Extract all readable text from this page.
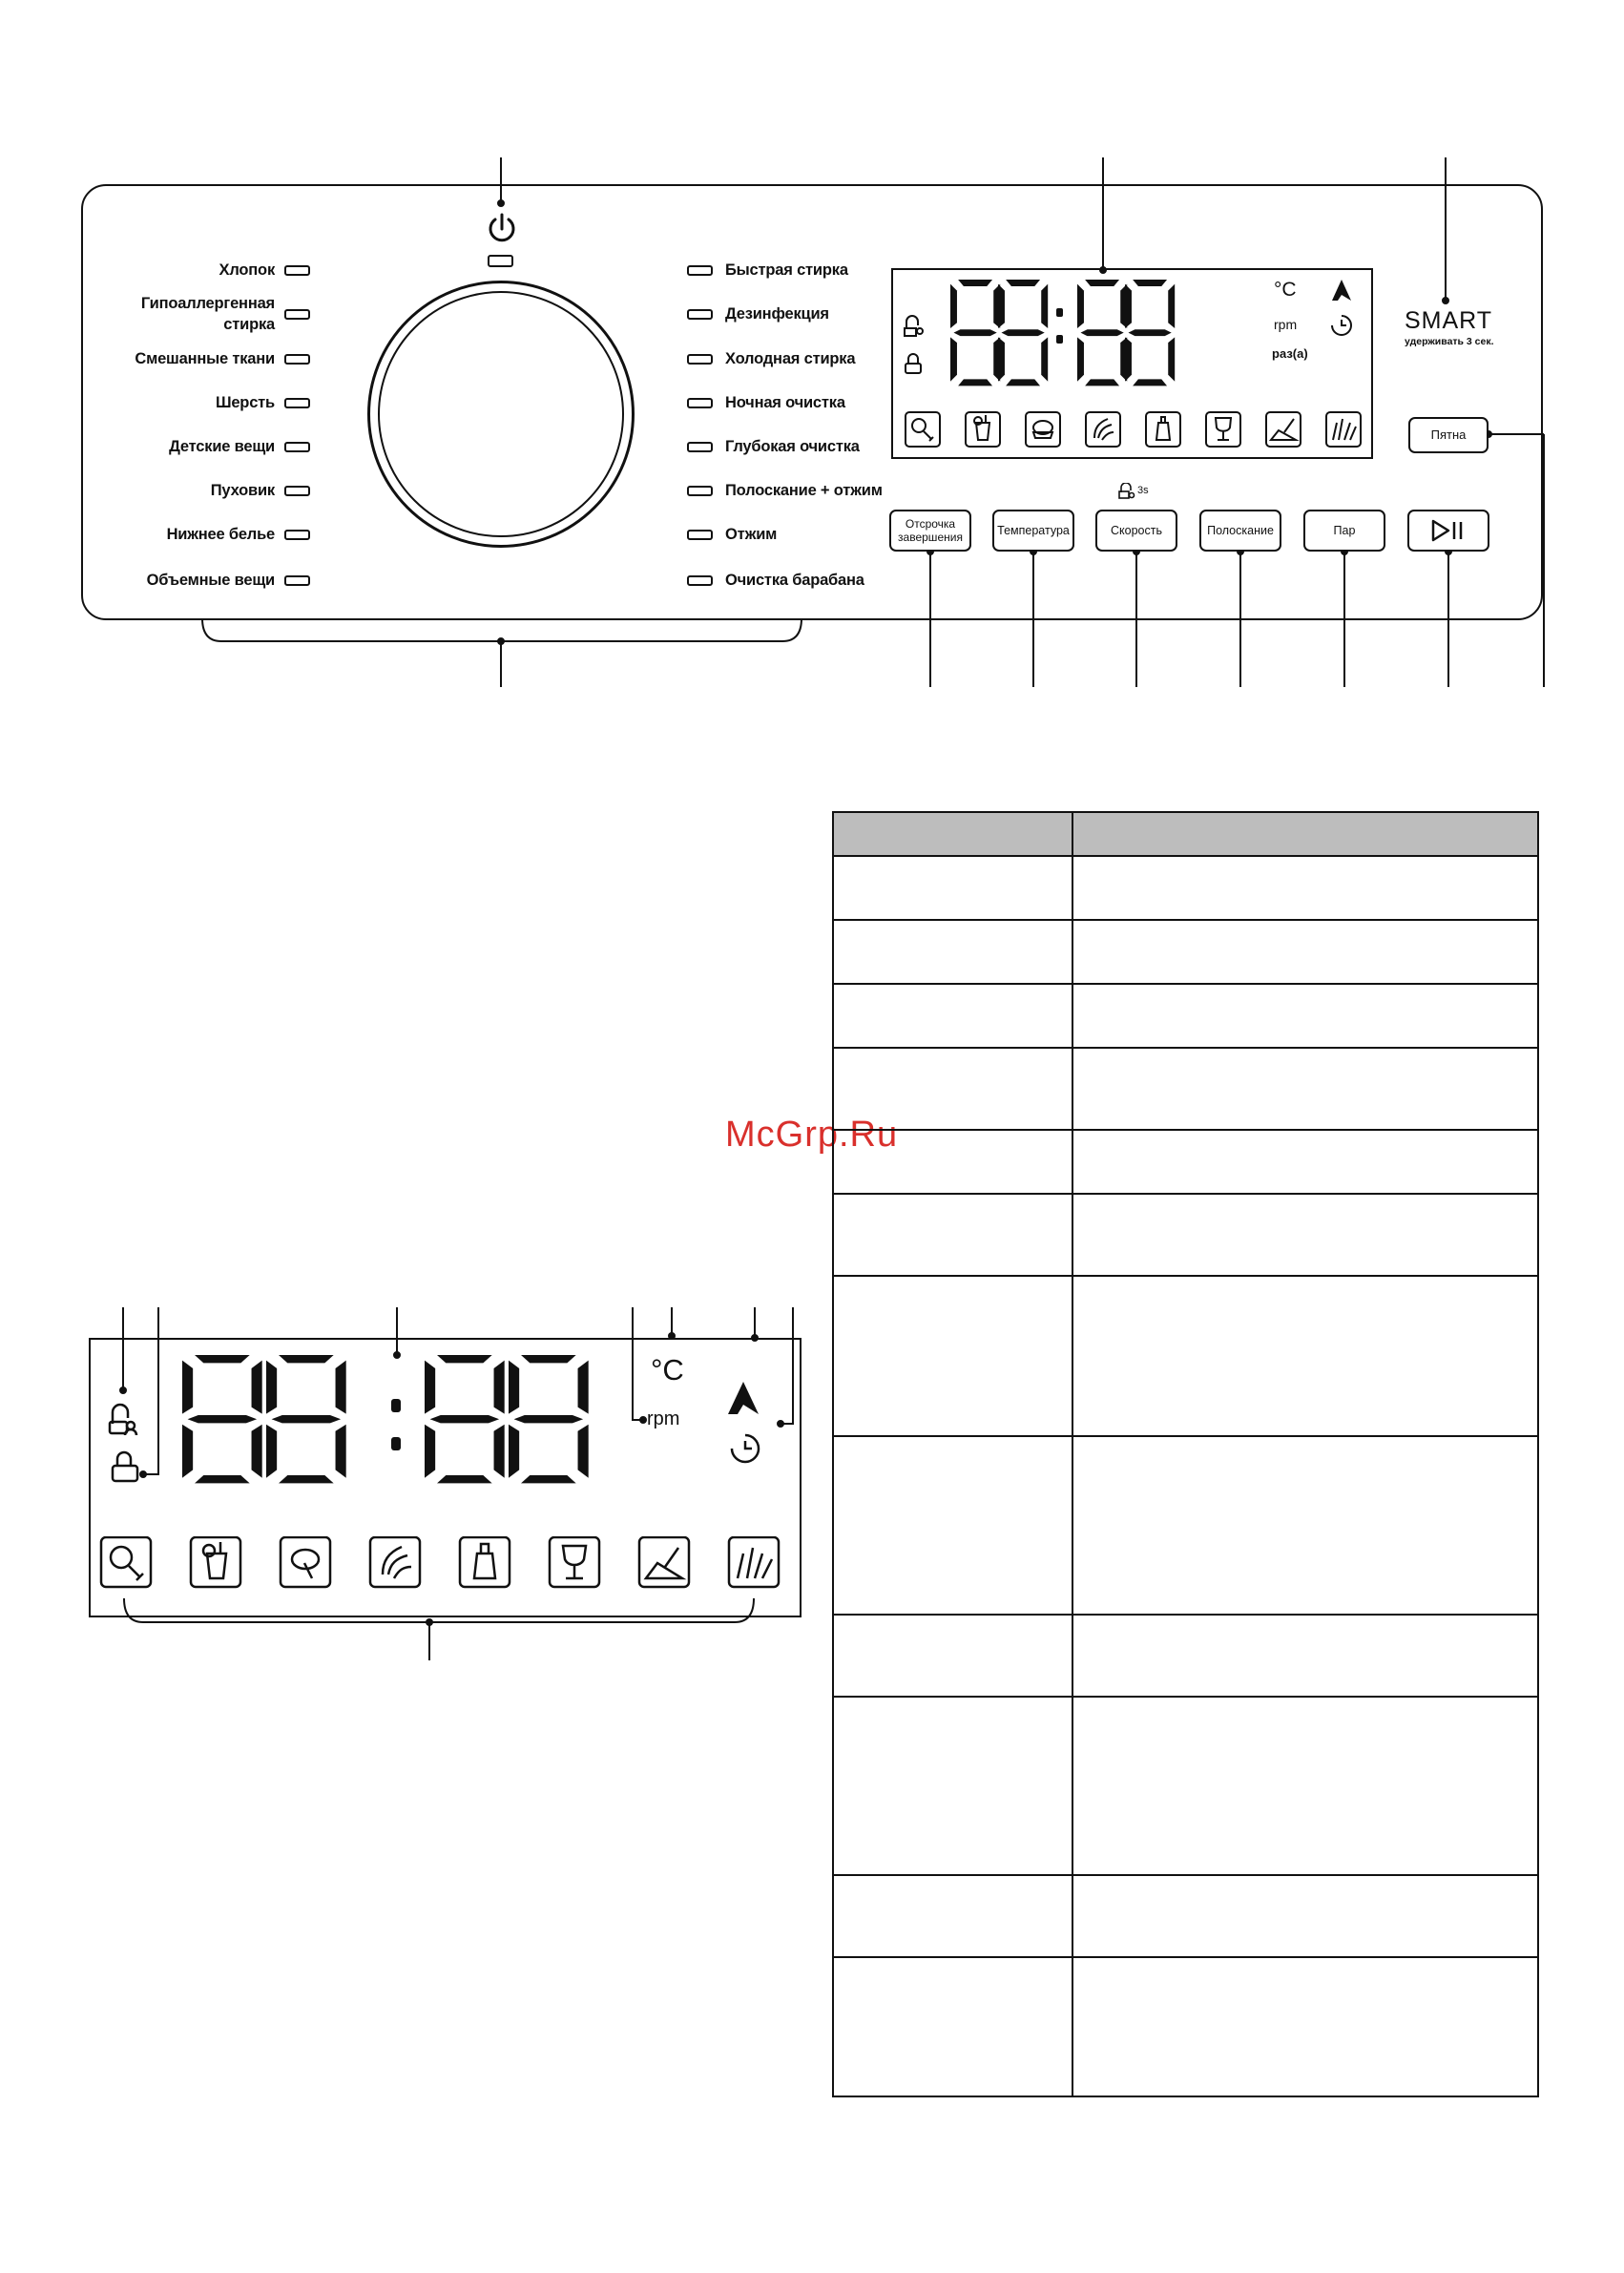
Хлопок
Гипоаллергенная стирка
Смешанные ткани
Шерсть
Детские вещи
Пуховик
Нижнее белье
Объемные вещи
Быстрая стирка
Дезинфекция
Холодная стирка
Ночная очистка
Глубокая очистка
Полоскание + отжим
Отжим
Очистка барабана
°C
rpm
раз(а)
SMART
удерживать 3 сек.
Пятна
3s
Отсрочка завершения	Температура	Скорость	Полоскание	Пар
°C
rpm
McGrp.Ru
